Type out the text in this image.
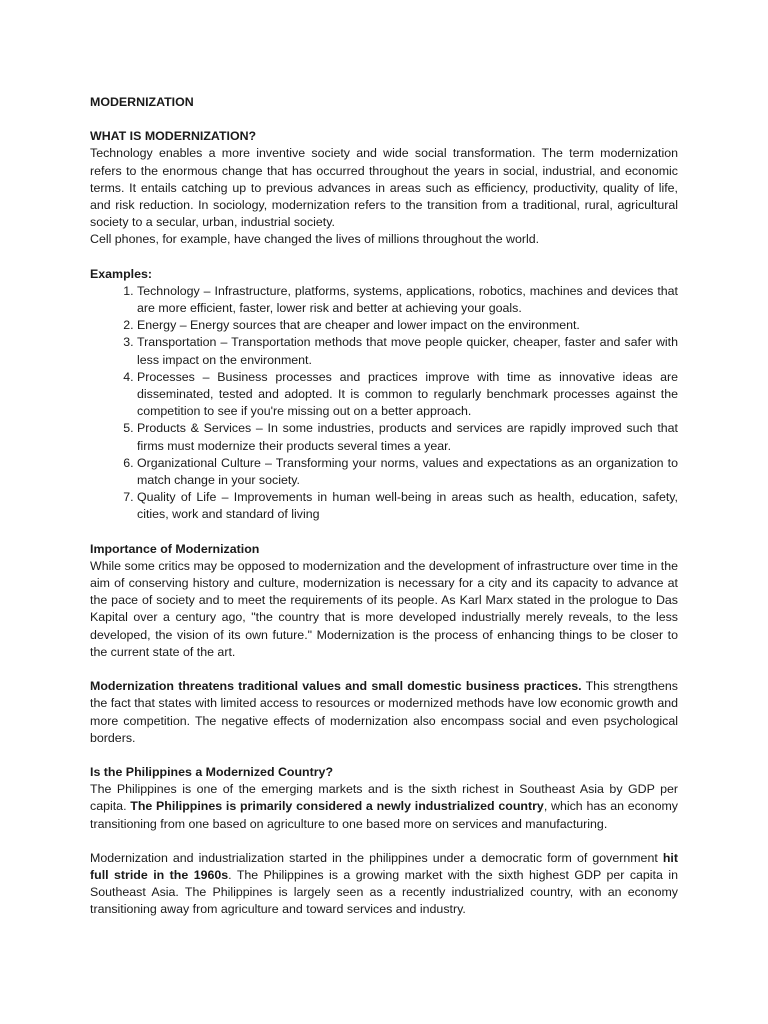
MODERNIZATION

WHAT IS MODERNIZATION?

Technology enables a more inventive society and wide social transformation. The term modernization refers to the enormous change that has occurred throughout the years in social, industrial, and economic terms. It entails catching up to previous advances in areas such as efficiency, productivity, quality of life, and risk reduction. In sociology, modernization refers to the transition from a traditional, rural, agricultural society to a secular, urban, industrial society.

Cell phones, for example, have changed the lives of millions throughout the world.

Examples:

1. Technology – Infrastructure, platforms, systems, applications, robotics, machines and devices that are more efficient, faster, lower risk and better at achieving your goals.
2. Energy – Energy sources that are cheaper and lower impact on the environment.
3. Transportation – Transportation methods that move people quicker, cheaper, faster and safer with less impact on the environment.
4. Processes – Business processes and practices improve with time as innovative ideas are disseminated, tested and adopted. It is common to regularly benchmark processes against the competition to see if you're missing out on a better approach.
5. Products & Services – In some industries, products and services are rapidly improved such that firms must modernize their products several times a year.
6. Organizational Culture – Transforming your norms, values and expectations as an organization to match change in your society.
7. Quality of Life – Improvements in human well-being in areas such as health, education, safety, cities, work and standard of living

Importance of Modernization

While some critics may be opposed to modernization and the development of infrastructure over time in the aim of conserving history and culture, modernization is necessary for a city and its capacity to advance at the pace of society and to meet the requirements of its people. As Karl Marx stated in the prologue to Das Kapital over a century ago, "the country that is more developed industrially merely reveals, to the less developed, the vision of its own future." Modernization is the process of enhancing things to be closer to the current state of the art.

Modernization threatens traditional values and small domestic business practices. This strengthens the fact that states with limited access to resources or modernized methods have low economic growth and more competition. The negative effects of modernization also encompass social and even psychological borders.

Is the Philippines a Modernized Country?

The Philippines is one of the emerging markets and is the sixth richest in Southeast Asia by GDP per capita. The Philippines is primarily considered a newly industrialized country, which has an economy transitioning from one based on agriculture to one based more on services and manufacturing.

Modernization and industrialization started in the philippines under a democratic form of government hit full stride in the 1960s. The Philippines is a growing market with the sixth highest GDP per capita in Southeast Asia. The Philippines is largely seen as a recently industrialized country, with an economy transitioning away from agriculture and toward services and industry.
